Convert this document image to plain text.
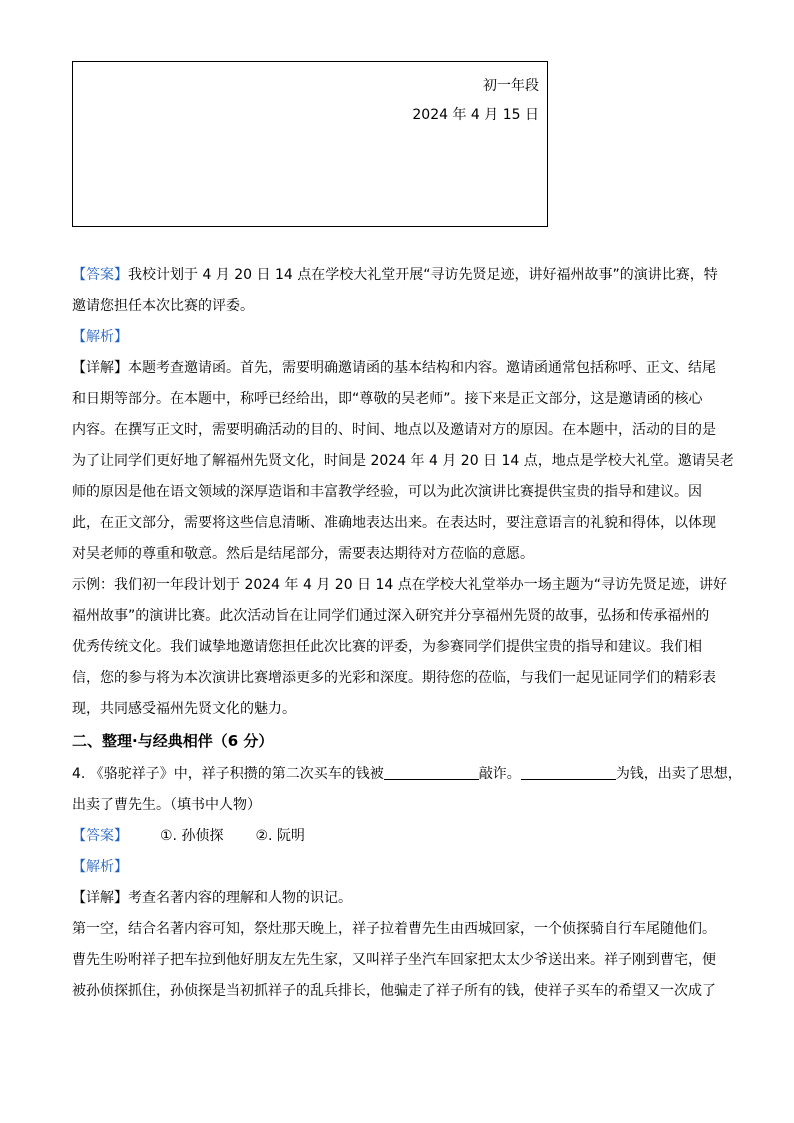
初一年段
2024 年 4 月 15 日
【答案】我校计划于 4 月 20 日 14 点在学校大礼堂开展“寻访先贤足迹，讲好福州故事”的演讲比赛，特
邀请您担任本次比赛的评委。
【解析】
【详解】本题考查邀请函。首先，需要明确邀请函的基本结构和内容。邀请函通常包括称呼、正文、结尾
和日期等部分。在本题中，称呼已经给出，即“尊敬的吴老师”。接下来是正文部分，这是邀请函的核心
内容。在撰写正文时，需要明确活动的目的、时间、地点以及邀请对方的原因。在本题中，活动的目的是
为了让同学们更好地了解福州先贤文化，时间是 2024 年 4 月 20 日 14 点，地点是学校大礼堂。邀请吴老
师的原因是他在语文领域的深厚造诣和丰富教学经验，可以为此次演讲比赛提供宝贵的指导和建议。因
此，在正文部分，需要将这些信息清晰、准确地表达出来。在表达时，要注意语言的礼貌和得体，以体现
对吴老师的尊重和敬意。然后是结尾部分，需要表达期待对方莅临的意愿。
示例：我们初一年段计划于 2024 年 4 月 20 日 14 点在学校大礼堂举办一场主题为“寻访先贤足迹，讲好
福州故事”的演讲比赛。此次活动旨在让同学们通过深入研究并分享福州先贤的故事，弘扬和传承福州的
优秀传统文化。我们诚挚地邀请您担任此次比赛的评委，为参赛同学们提供宝贵的指导和建议。我们相
信，您的参与将为本次演讲比赛增添更多的光彩和深度。期待您的莅临，与我们一起见证同学们的精彩表
现，共同感受福州先贤文化的魅力。
二、整理·与经典相伴（6 分）
4. 《骆驼祥子》中，祥子积攒的第二次买车的钱被	敲诈。	为钱，出卖了思想，
出卖了曹先生。（填书中人物）
【答案】 ①. 孙侦探 ②. 阮明
【解析】
【详解】考查名著内容的理解和人物的识记。
第一空，结合名著内容可知，祭灶那天晚上，祥子拉着曹先生由西城回家，一个侦探骑自行车尾随他们。
曹先生吩咐祥子把车拉到他好朋友左先生家，又叫祥子坐汽车回家把太太少爷送出来。祥子刚到曹宅，便
被孙侦探抓住，孙侦探是当初抓祥子的乱兵排长，他骗走了祥子所有的钱，使祥子买车的希望又一次成了
